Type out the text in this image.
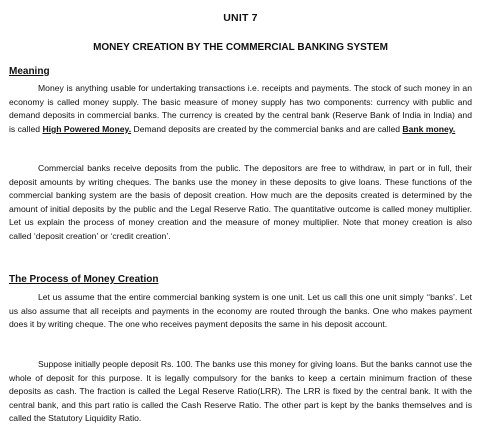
UNIT 7
MONEY CREATION BY THE COMMERCIAL BANKING SYSTEM
Meaning

Money is anything usable for undertaking transactions i.e. receipts and payments. The stock of such money in an economy is called money supply. The basic measure of money supply has two components: currency with public and demand deposits in commercial banks. The currency is created by the central bank (Reserve Bank of India in India) and is called High Powered Money. Demand deposits are created by the commercial banks and are called Bank money.

Commercial banks receive deposits from the public. The depositors are free to withdraw, in part or in full, their deposit amounts by writing cheques. The banks use the money in these deposits to give loans. These functions of the commercial banking system are the basis of deposit creation. How much are the deposits created is determined by the amount of initial deposits by the public and the Legal Reserve Ratio. The quantitative outcome is called money multiplier. Let us explain the process of money creation and the measure of money multiplier. Note that money creation is also called ‘deposit creation’ or ‘credit creation’.

The Process of Money Creation

Let us assume that the entire commercial banking system is one unit. Let us call this one unit simply ‘‘banks’. Let us also assume that all receipts and payments in the economy are routed through the banks. One who makes payment does it by writing cheque. The one who receives payment deposits the same in his deposit account.

Suppose initially people deposit Rs. 100. The banks use this money for giving loans. But the banks cannot use the whole of deposit for this purpose. It is legally compulsory for the banks to keep a certain minimum fraction of these deposits as cash. The fraction is called the Legal Reserve Ratio(LRR). The LRR is fixed by the central bank. It with the central bank, and this part ratio is called the Cash Reserve Ratio. The other part is kept by the banks themselves and is called the Statutory Liquidity Ratio.
